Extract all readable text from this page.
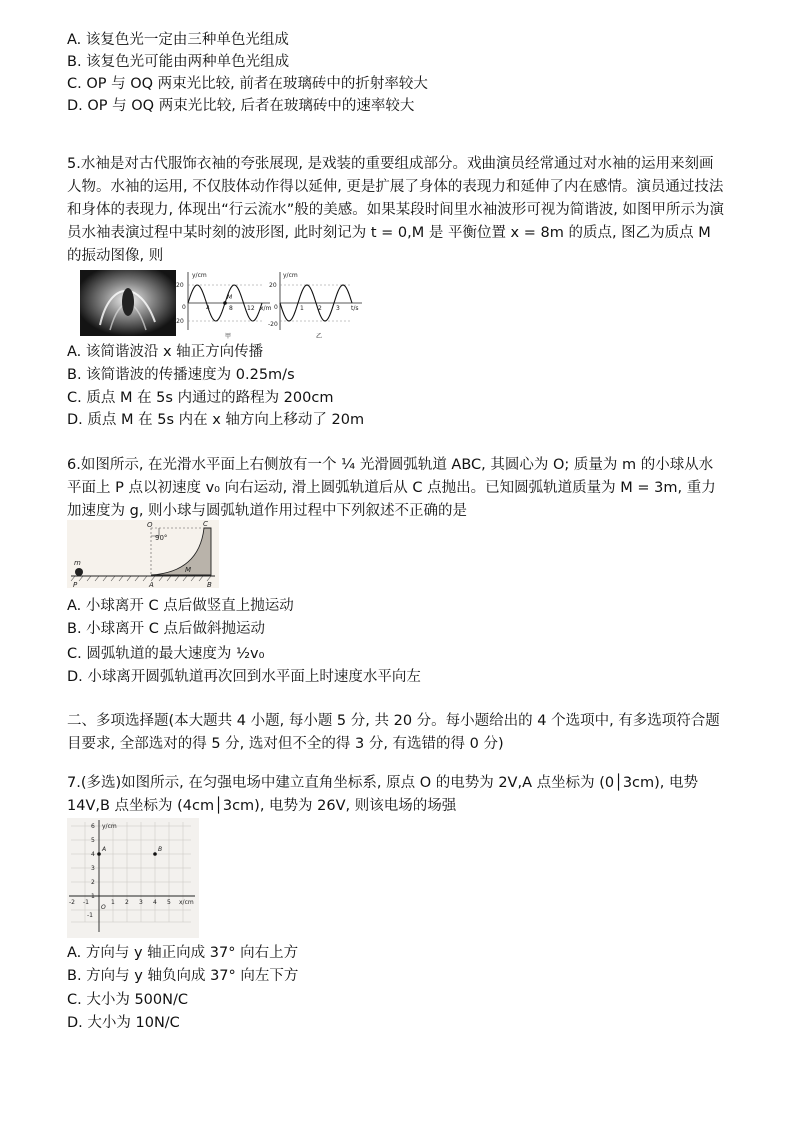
A. 该复色光一定由三种单色光组成
B. 该复色光可能由两种单色光组成
C. OP 与 OQ 两束光比较, 前者在玻璃砖中的折射率较大
D. OP 与 OQ 两束光比较, 后者在玻璃砖中的速率较大
5.水袖是对古代服饰衣袖的夸张展现, 是戏装的重要组成部分。戏曲演员经常通过对水袖的运用来刻画人物。水袖的运用, 不仅肢体动作得以延伸, 更是扩展了身体的表现力和延伸了内在感情。演员通过技法和身体的表现力, 体现出“行云流水”般的美感。如果某段时间里水袖波形可视为简谐波, 如图甲所示为演员水袖表演过程中某时刻的波形图, 此时刻记为 t = 0,M 是 平衡位置 x = 8m 的质点, 图乙为质点 M 的振动图像, 则
y/cm
x/m
20
0
-20
4	8 12
M
甲
y/cm
t/s
20
0
-20
1 2 3
乙
A. 该简谐波沿 x 轴正方向传播
B. 该简谐波的传播速度为 0.25m/s
C. 质点 M 在 5s 内通过的路程为 200cm
D. 质点 M 在 5s 内在 x 轴方向上移动了 20m
6.如图所示, 在光滑水平面上右侧放有一个 ¼ 光滑圆弧轨道 ABC, 其圆心为 O; 质量为 m 的小球从水平面上 P 点以初速度 v₀ 向右运动, 滑上圆弧轨道后从 C 点抛出。已知圆弧轨道质量为 M = 3m, 重力加速度为 g, 则小球与圆弧轨道作用过程中下列叙述不正确的是
O	C
90°
m
M
P	A	B
A. 小球离开 C 点后做竖直上抛运动
B. 小球离开 C 点后做斜抛运动
C. 圆弧轨道的最大速度为 ½v₀
D. 小球离开圆弧轨道再次回到水平面上时速度水平向左
二、多项选择题(本大题共 4 小题, 每小题 5 分, 共 20 分。每小题给出的 4 个选项中, 有多选项符合题目要求, 全部选对的得 5 分, 选对但不全的得 3 分, 有选错的得 0 分)
7.(多选)如图所示, 在匀强电场中建立直角坐标系, 原点 O 的电势为 2V,A 点坐标为 (0│3cm), 电势 14V,B 点坐标为 (4cm│3cm), 电势为 26V, 则该电场的场强
y/cm
x/cm
O
6
5
4
3
2
1
-1
-2 -1	1 2 3 4 5
A	B
A. 方向与 y 轴正向成 37° 向右上方
B. 方向与 y 轴负向成 37° 向左下方
C. 大小为 500N/C
D. 大小为 10N/C
